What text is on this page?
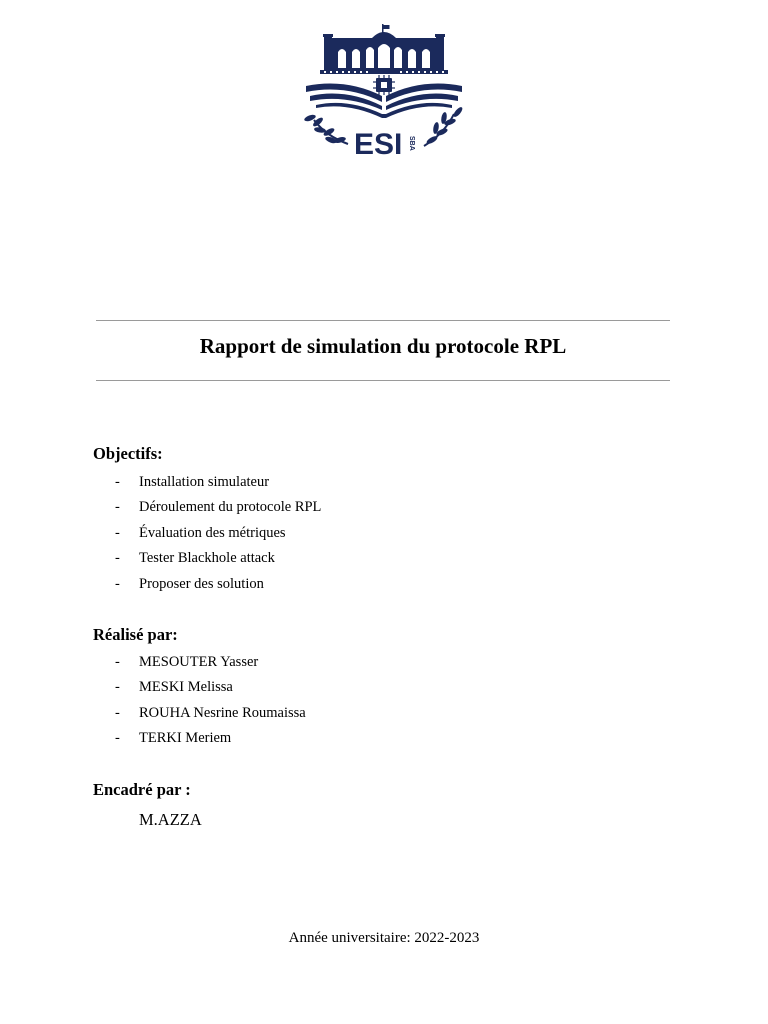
ESI SBA
Rapport de simulation du protocole RPL
Objectifs:
- Installation simulateur
- Déroulement du protocole RPL
- Évaluation des métriques
- Tester Blackhole attack
- Proposer des solution
Réalisé par:
- MESOUTER Yasser
- MESKI Melissa
- ROUHA Nesrine Roumaissa
- TERKI Meriem
Encadré par :
M.AZZA
Année universitaire: 2022-2023
